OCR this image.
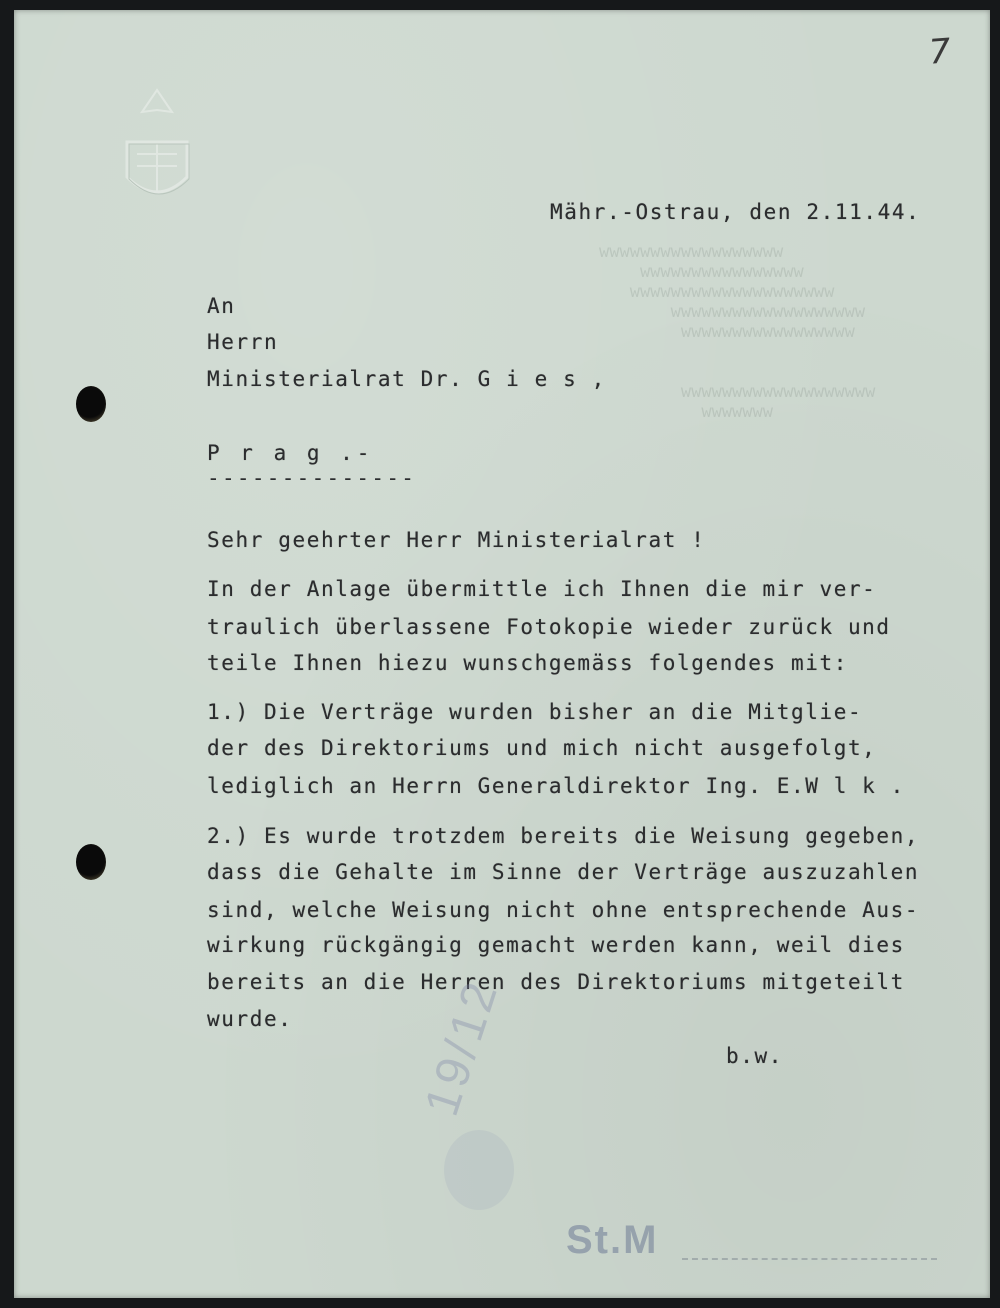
7
wwwwwwwwwwwwwwwwww
wwwwwwwwwwwwwwww
wwwwwwwwwwwwwwwwwwww
wwwwwwwwwwwwwwwwwww
wwwwwwwwwwwwwwwww

wwwwwwwwwwwwwwwwwww
wwwwwww
Mähr.-Ostrau, den 2.11.44.
An
Herrn
Ministerialrat Dr. G i e s ,
P r a g .-
--------------
Sehr geehrter Herr Ministerialrat !
In der Anlage übermittle ich Ihnen die mir ver-
traulich überlassene Fotokopie wieder zurück und
teile Ihnen hiezu wunschgemäss folgendes mit:
1.) Die Verträge wurden bisher an die Mitglie-
der des Direktoriums und mich nicht ausgefolgt,
lediglich an Herrn Generaldirektor Ing. E.W l k .
2.) Es wurde trotzdem bereits die Weisung gegeben,
dass die Gehalte im Sinne der Verträge auszuzahlen
sind, welche Weisung nicht ohne entsprechende Aus-
wirkung rückgängig gemacht werden kann, weil dies
bereits an die Herren des Direktoriums mitgeteilt
wurde.
b.w.
19/12
St.M
